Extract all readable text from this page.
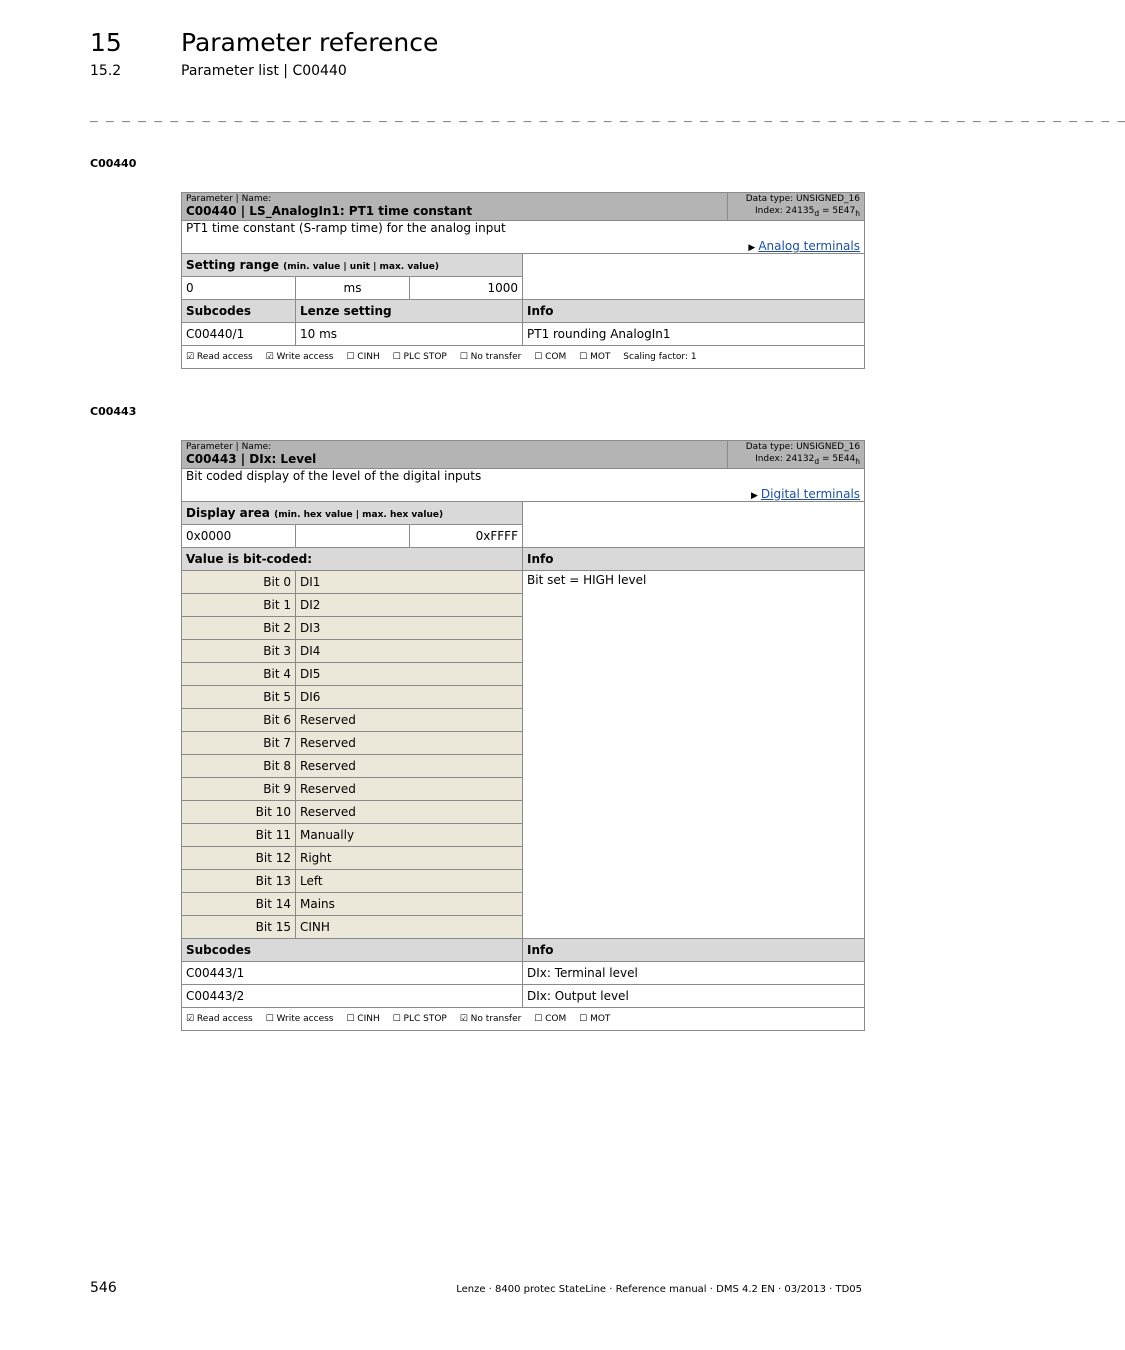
15 Parameter reference
15.2	Parameter list | C00440
_ _ _ _ _ _ _ _ _ _ _ _ _ _ _ _ _ _ _ _ _ _ _ _ _ _ _ _ _ _ _ _ _ _ _ _ _ _ _ _ _ _ _ _ _ _ _ _ _ _ _ _ _ _ _ _ _ _ _ _ _ _ _ _ _
C00440
Parameter | Name:
C00440 | LS_AnalogIn1: PT1 time constant				Data type: UNSIGNED_16
Index: $24135_d = 5E47_h$

PT1 time constant (S-ramp time) for the analog input
▶ Analog terminals				

Setting range (min. value | unit | max. value)				
0	ms	1000		
Subcodes	Lenze setting		Info	
C00440/1	10 ms		PT1 rounding AnalogIn1	
☑ Read access ☑ Write access ☐ CINH ☐ PLC STOP ☐ No transfer ☐ COM ☐ MOT Scaling factor: 1				
C00443
Parameter | Name:
C00443 | DIx: Level				Data type: UNSIGNED_16
Index: $24132_d = 5E44_h$

Bit coded display of the level of the digital inputs
▶ Digital terminals				

Display area (min. hex value | max. hex value)				
0x0000		0xFFFF		
Value is bit-coded:			Info	
Bit 0	DI1		Bit set = HIGH level	
Bit 1	DI2			
Bit 2	DI3			
Bit 3	DI4			
Bit 4	DI5			
Bit 5	DI6			
Bit 6	Reserved			
Bit 7	Reserved			
Bit 8	Reserved			
Bit 9	Reserved			
Bit 10	Reserved			
Bit 11	Manually			
Bit 12	Right			
Bit 13	Left			
Bit 14	Mains			
Bit 15	CINH			
Subcodes			Info	
C00443/1			DIx: Terminal level	
C00443/2			DIx: Output level	
☑ Read access ☐ Write access ☐ CINH ☐ PLC STOP ☑ No transfer ☐ COM ☐ MOT				
546	Lenze · 8400 protec StateLine · Reference manual · DMS 4.2 EN · 03/2013 · TD05
